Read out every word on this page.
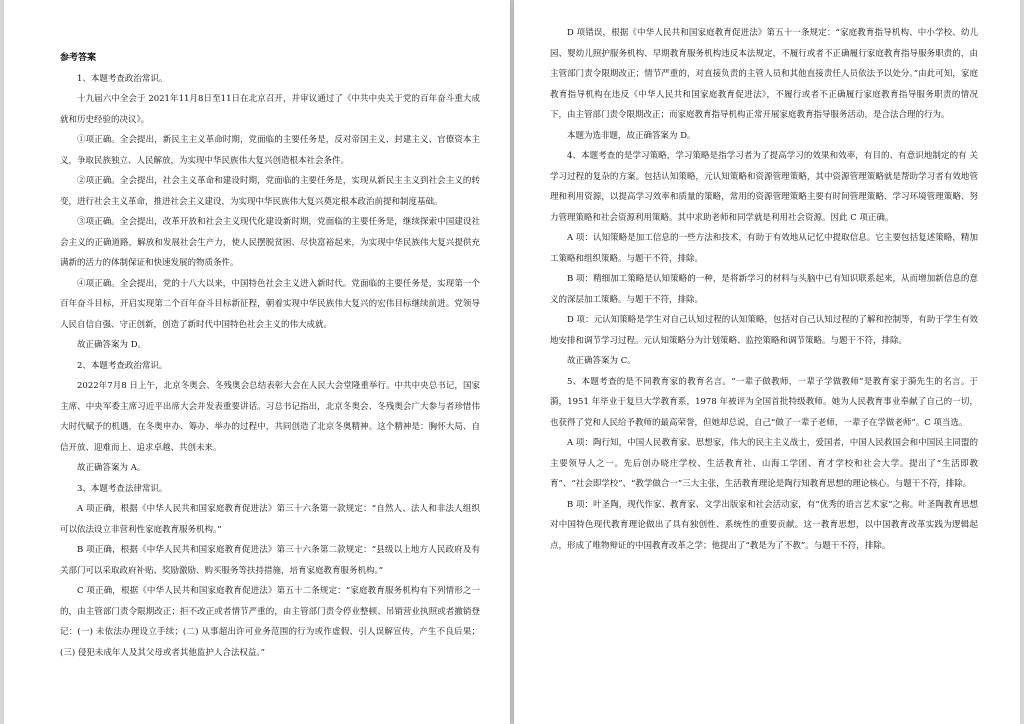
参考答案

1、本题考查政治常识。

十九届六中全会于 2021年11月8日至11日在北京召开，并审议通过了《中共中央关于党的百年奋斗重大成就和历史经验的决议》。

①项正确。全会提出，新民主主义革命时期，党面临的主要任务是，反对帝国主义、封建主义、官僚资本主义，争取民族独立、人民解放，为实现中华民族伟大复兴创造根本社会条件。

②项正确。全会提出，社会主义革命和建设时期，党面临的主要任务是，实现从新民主主义到社会主义的转变，进行社会主义革命，推进社会主义建设，为实现中华民族伟大复兴奠定根本政治前提和制度基础。

③项正确。全会提出，改革开放和社会主义现代化建设新时期，党面临的主要任务是，继续探索中国建设社会主义的正确道路，解放和发展社会生产力，使人民摆脱贫困、尽快富裕起来，为实现中华民族伟大复兴提供充满新的活力的体制保证和快速发展的物质条件。

④项正确。全会提出，党的十八大以来，中国特色社会主义进入新时代。党面临的主要任务是，实现第一个百年奋斗目标，开启实现第二个百年奋斗目标新征程，朝着实现中华民族伟大复兴的宏伟目标继续前进。党领导人民自信自强、守正创新，创造了新时代中国特色社会主义的伟大成就。

故正确答案为 D。

2、本题考查政治常识。

2022年7月8 日上午，北京冬奥会、冬残奥会总结表彰大会在人民大会堂隆重举行。中共中央总书记，国家主席、中央军委主席习近平出席大会并发表重要讲话。习总书记指出，北京冬奥会、冬残奥会广大参与者珍惜伟大时代赋予的机遇，在冬奥申办、筹办、举办的过程中，共同创造了北京冬奥精神。这个精神是：胸怀大局、自信开放、迎难而上、追求卓越、共创未来。

故正确答案为 A。

3、本题考查法律常识。

A 项正确，根据《中华人民共和国家庭教育促进法》第三十六条第一款规定：“自然人、法人和非法人组织可以依法设立非营利性家庭教育服务机构。”

B 项正确，根据《中华人民共和国家庭教育促进法》第三十六条第二款规定：“县级以上地方人民政府及有关部门可以采取政府补贴、奖励激励、购买服务等扶持措施，培育家庭教育服务机构。”

C 项正确，根据《中华人民共和国家庭教育促进法》第五十二条规定：“家庭教育服务机构有下列情形之一的，由主管部门责令限期改正；拒不改正或者情节严重的，由主管部门责令停业整顿、吊销营业执照或者撤销登记：(一) 未依法办理设立手续；(二) 从事超出许可业务范围的行为或作虚假、引人误解宣传，产生不良后果；(三) 侵犯未成年人及其父母或者其他监护人合法权益。”

D 项错误，根据《中华人民共和国家庭教育促进法》第五十一条规定：“家庭教育指导机构、中小学校、幼儿园、婴幼儿照护服务机构、早期教育服务机构违反本法规定，不履行或者不正确履行家庭教育指导服务职责的，由主管部门责令限期改正；情节严重的，对直接负责的主管人员和其他直接责任人员依法予以处分。”由此可知，家庭教育指导机构在违反《中华人民共和国家庭教育促进法》，不履行或者不正确履行家庭教育指导服务职责的情况下，由主管部门责令限期改正；而家庭教育指导机构正常开展家庭教育指导服务活动，是合法合理的行为。

本题为选非题，故正确答案为 D。

4、本题考查的是学习策略，学习策略是指学习者为了提高学习的效果和效率，有目的、有意识地制定的有 关学习过程的复杂的方案。包括认知策略，元认知策略和资源管理策略，其中资源管理策略就是帮助学习者有效地管理和利用资源，以提高学习效率和质量的策略，常用的资源管理策略主要有时间管理策略、学习环境管理策略、努力管理策略和社会资源利用策略。其中求助老师和同学就是利用社会资源。因此 C 项正确。

A 项：认知策略是加工信息的一些方法和技术，有助于有效地从记忆中提取信息。它主要包括复述策略，精加工策略和组织策略。与题干不符，排除。

B 项：精细加工策略是认知策略的一种，是将新学习的材料与头脑中已有知识联系起来，从而增加新信息的意义的深层加工策略。与题干不符，排除。

D 项：元认知策略是学生对自己认知过程的认知策略，包括对自己认知过程的了解和控制等，有助于学生有效地安排和调节学习过程。元认知策略分为计划策略、监控策略和调节策略。与题干不符，排除。

故正确答案为 C。

5、本题考查的是不同教育家的教育名言。“一辈子做教师，一辈子学做教师”是教育家于漪先生的名言。于漪，1951 年毕业于复旦大学教育系，1978 年被评为全国首批特级教师。她为人民教育事业奉献了自己的一切，也获得了党和人民给予教师的最高荣誉，但她却总说，自己“做了一辈子老师，一辈子在学做老师”。C 项当选。

A 项：陶行知，中国人民教育家、思想家，伟大的民主主义战士，爱国者，中国人民救国会和中国民主同盟的主要领导人之一。先后创办晓庄学校、生活教育社、山海工学团、育才学校和社会大学。提出了“生活即教育”、“社会即学校”、“教学做合一”三大主张，生活教育理论是陶行知教育思想的理论核心。与题干不符，排除。

B 项：叶圣陶，现代作家、教育家、文学出版家和社会活动家，有“优秀的语言艺术家”之称。叶圣陶教育思想对中国特色现代教育理论做出了具有独创性、系统性的重要贡献。这一教育思想，以中国教育改革实践为逻辑起点，形成了唯物辩证的中国教育改革之学；他提出了“教是为了不教”。与题干不符，排除。
